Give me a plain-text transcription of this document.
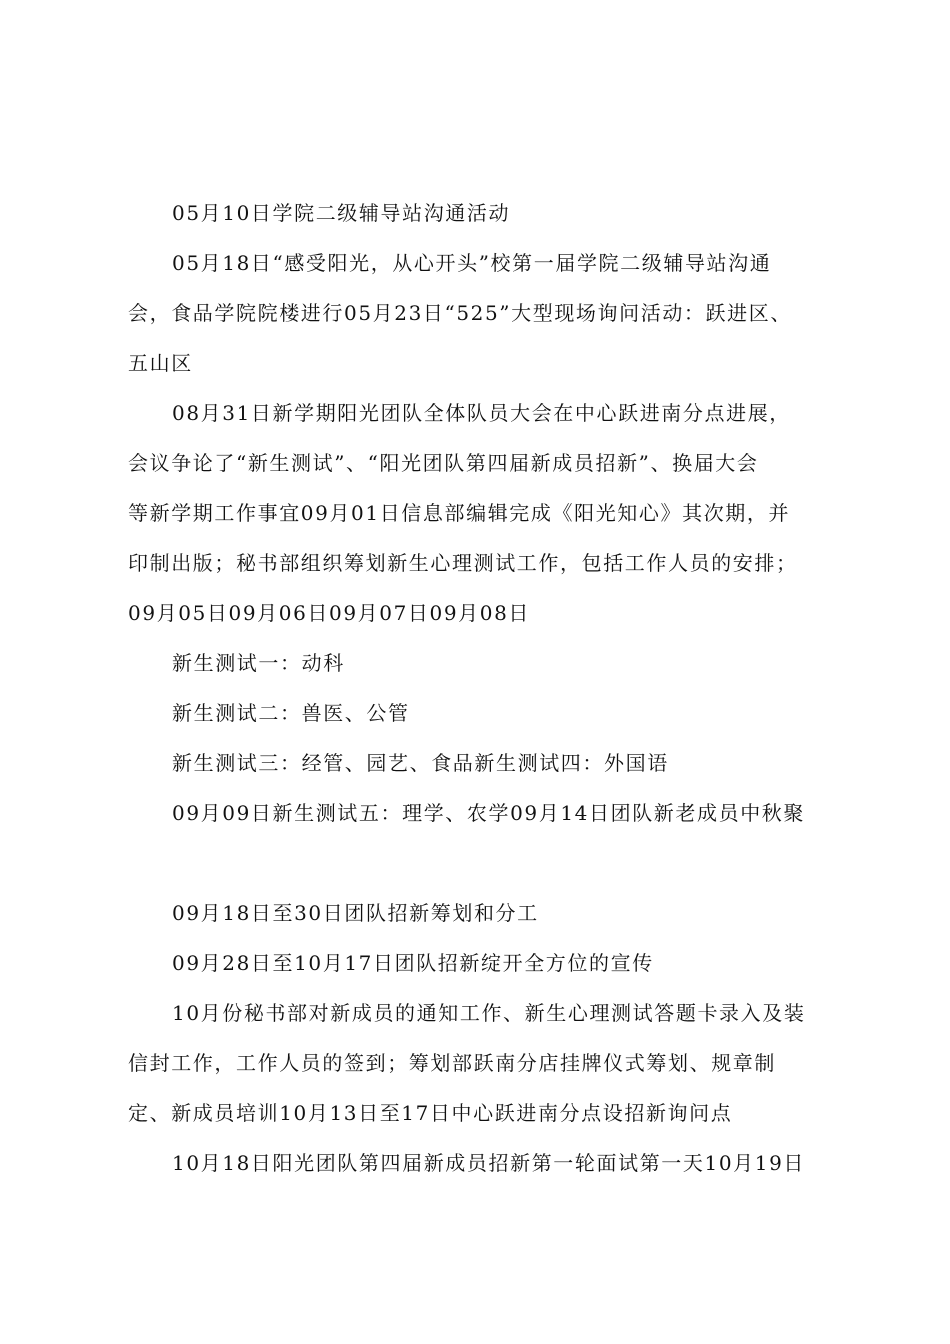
05月10日学院二级辅导站沟通活动

05月18日“感受阳光，从心开头”校第一届学院二级辅导站沟通
会，食品学院院楼进行05月23日“525”大型现场询问活动：跃进区、
五山区

08月31日新学期阳光团队全体队员大会在中心跃进南分点进展，
会议争论了“新生测试”、“阳光团队第四届新成员招新”、换届大会
等新学期工作事宜09月01日信息部编辑完成《阳光知心》其次期，并
印制出版；秘书部组织筹划新生心理测试工作，包括工作人员的安排；
09月05日09月06日09月07日09月08日

新生测试一：动科

新生测试二：兽医、公管

新生测试三：经管、园艺、食品新生测试四：外国语

09月09日新生测试五：理学、农学09月14日团队新老成员中秋聚

09月18日至30日团队招新筹划和分工

09月28日至10月17日团队招新绽开全方位的宣传

10月份秘书部对新成员的通知工作、新生心理测试答题卡录入及装
信封工作，工作人员的签到；筹划部跃南分店挂牌仪式筹划、规章制
定、新成员培训10月13日至17日中心跃进南分点设招新询问点

10月18日阳光团队第四届新成员招新第一轮面试第一天10月19日
